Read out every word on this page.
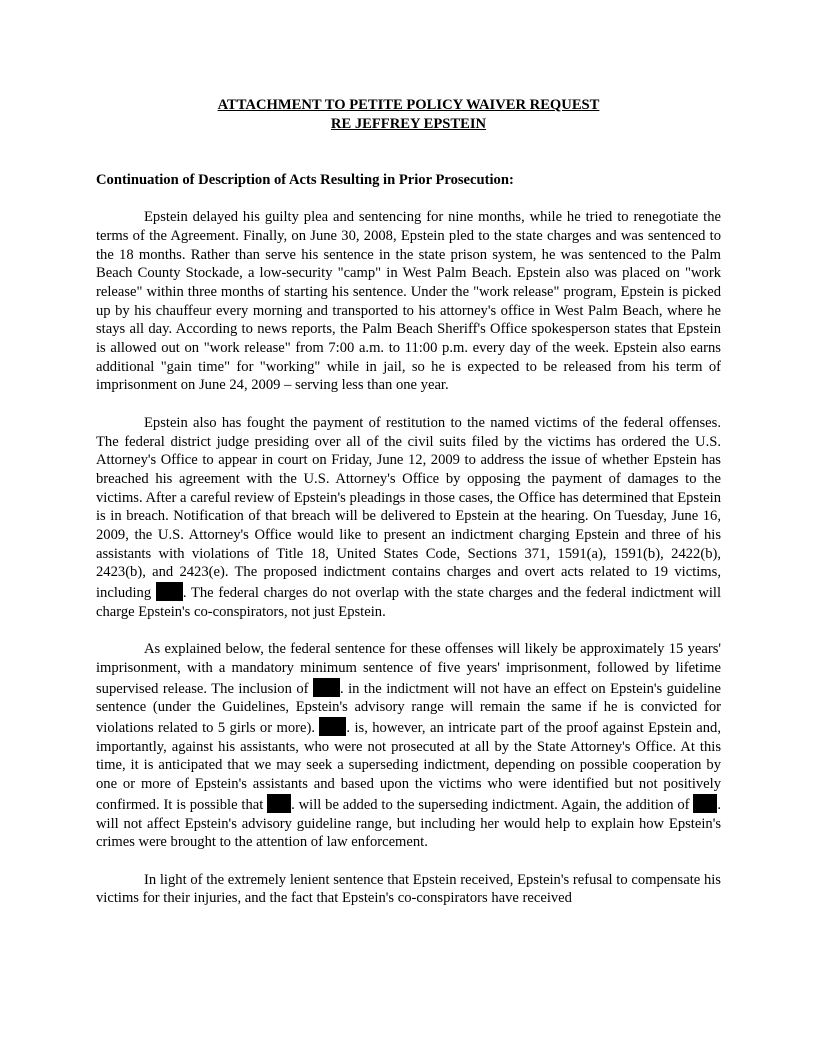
ATTACHMENT TO PETITE POLICY WAIVER REQUEST
RE JEFFREY EPSTEIN

Continuation of Description of Acts Resulting in Prior Prosecution:

Epstein delayed his guilty plea and sentencing for nine months, while he tried to renegotiate the terms of the Agreement. Finally, on June 30, 2008, Epstein pled to the state charges and was sentenced to the 18 months. Rather than serve his sentence in the state prison system, he was sentenced to the Palm Beach County Stockade, a low-security "camp" in West Palm Beach. Epstein also was placed on "work release" within three months of starting his sentence. Under the "work release" program, Epstein is picked up by his chauffeur every morning and transported to his attorney's office in West Palm Beach, where he stays all day. According to news reports, the Palm Beach Sheriff's Office spokesperson states that Epstein is allowed out on "work release" from 7:00 a.m. to 11:00 p.m. every day of the week. Epstein also earns additional "gain time" for "working" while in jail, so he is expected to be released from his term of imprisonment on June 24, 2009 – serving less than one year.

Epstein also has fought the payment of restitution to the named victims of the federal offenses. The federal district judge presiding over all of the civil suits filed by the victims has ordered the U.S. Attorney's Office to appear in court on Friday, June 12, 2009 to address the issue of whether Epstein has breached his agreement with the U.S. Attorney's Office by opposing the payment of damages to the victims. After a careful review of Epstein's pleadings in those cases, the Office has determined that Epstein is in breach. Notification of that breach will be delivered to Epstein at the hearing. On Tuesday, June 16, 2009, the U.S. Attorney's Office would like to present an indictment charging Epstein and three of his assistants with violations of Title 18, United States Code, Sections 371, 1591(a), 1591(b), 2422(b), 2423(b), and 2423(e). The proposed indictment contains charges and overt acts related to 19 victims, including . The federal charges do not overlap with the state charges and the federal indictment will charge Epstein's co-conspirators, not just Epstein.

As explained below, the federal sentence for these offenses will likely be approximately 15 years' imprisonment, with a mandatory minimum sentence of five years' imprisonment, followed by lifetime supervised release. The inclusion of . in the indictment will not have an effect on Epstein's guideline sentence (under the Guidelines, Epstein's advisory range will remain the same if he is convicted for violations related to 5 girls or more). . is, however, an intricate part of the proof against Epstein and, importantly, against his assistants, who were not prosecuted at all by the State Attorney's Office. At this time, it is anticipated that we may seek a superseding indictment, depending on possible cooperation by one or more of Epstein's assistants and based upon the victims who were identified but not positively confirmed. It is possible that . will be added to the superseding indictment. Again, the addition of . will not affect Epstein's advisory guideline range, but including her would help to explain how Epstein's crimes were brought to the attention of law enforcement.

In light of the extremely lenient sentence that Epstein received, Epstein's refusal to compensate his victims for their injuries, and the fact that Epstein's co-conspirators have received
